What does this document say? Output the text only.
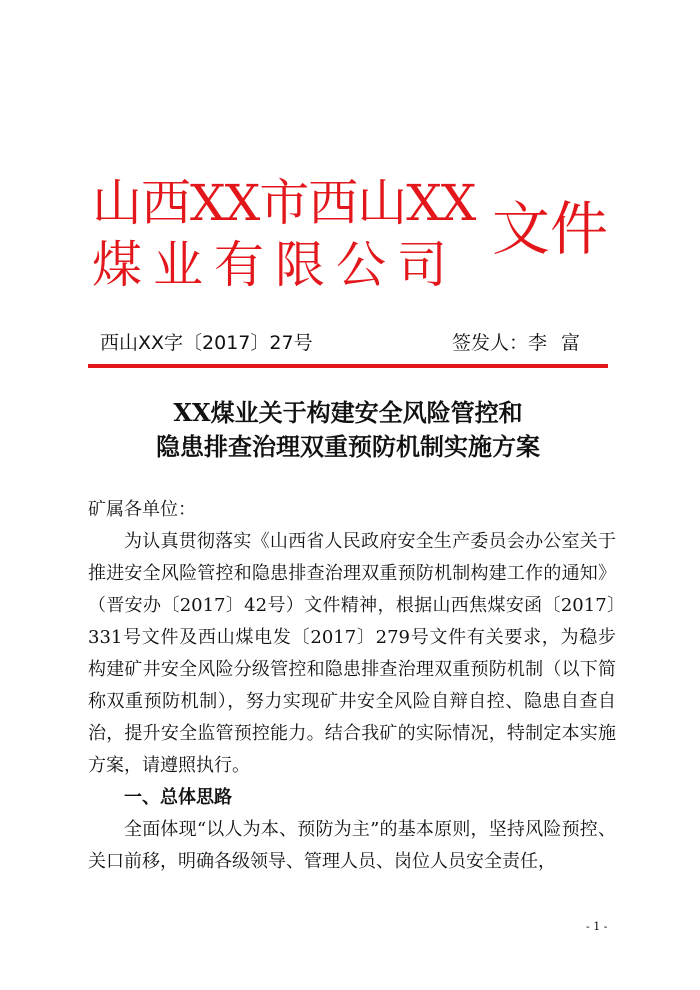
山西XX市西山XX
煤业有限公司
文件
西山XX字〔2017〕27号	签发人：李 富
XX煤业关于构建安全风险管控和
隐患排查治理双重预防机制实施方案

矿属各单位：

为认真贯彻落实《山西省人民政府安全生产委员会办公室关于推进安全风险管控和隐患排查治理双重预防机制构建工作的通知》（晋安办〔2017〕42号）文件精神，根据山西焦煤安函〔2017〕331号文件及西山煤电发〔2017〕279号文件有关要求，为稳步构建矿井安全风险分级管控和隐患排查治理双重预防机制（以下简称双重预防机制），努力实现矿井安全风险自辩自控、隐患自查自治，提升安全监管预控能力。结合我矿的实际情况，特制定本实施方案，请遵照执行。

一、总体思路

全面体现“以人为本、预防为主”的基本原则，坚持风险预控、关口前移，明确各级领导、管理人员、岗位人员安全责任，

- 1 -
